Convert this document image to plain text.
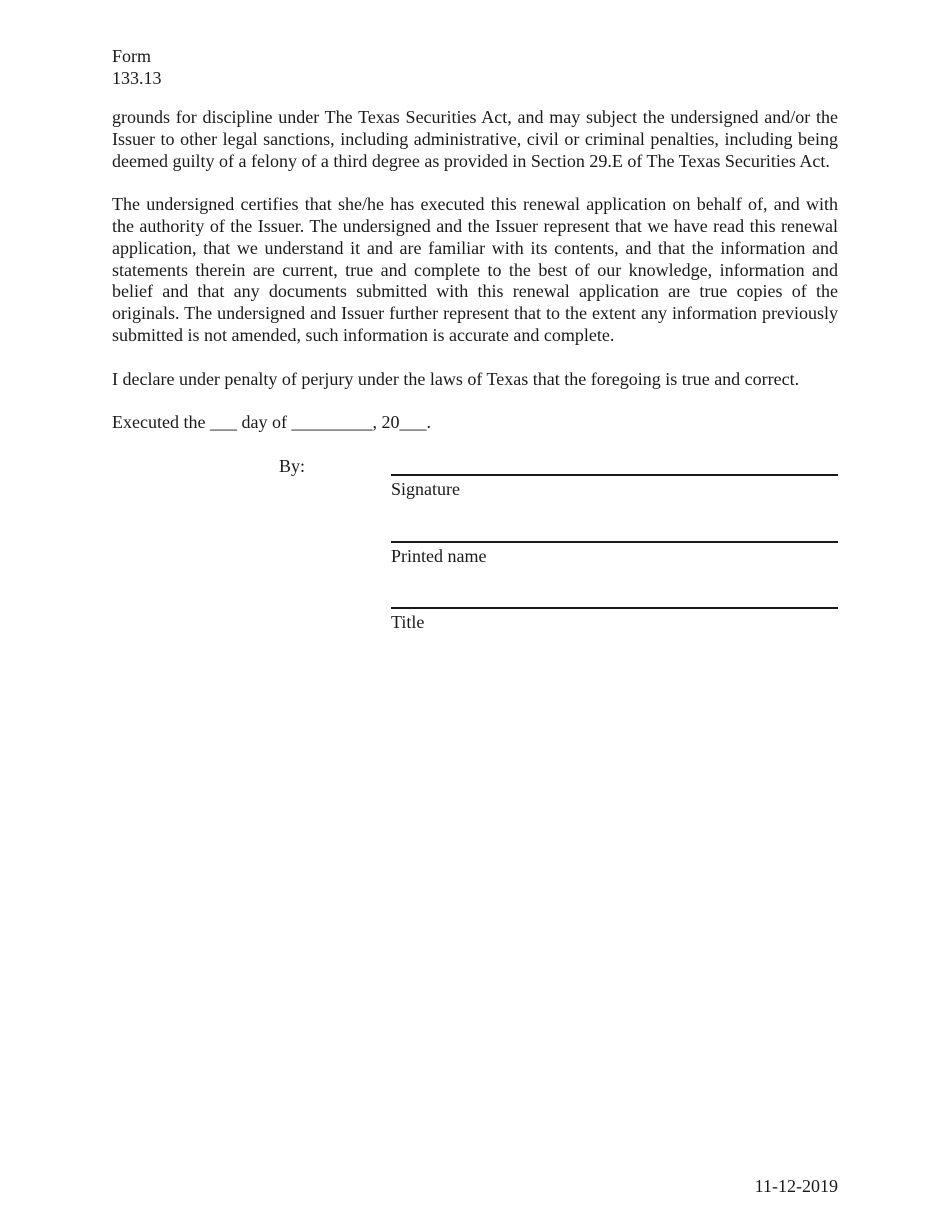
Form
133.13

grounds for discipline under The Texas Securities Act, and may subject the undersigned and/or the Issuer to other legal sanctions, including administrative, civil or criminal penalties, including being deemed guilty of a felony of a third degree as provided in Section 29.E of The Texas Securities Act.

The undersigned certifies that she/he has executed this renewal application on behalf of, and with the authority of the Issuer. The undersigned and the Issuer represent that we have read this renewal application, that we understand it and are familiar with its contents, and that the information and statements therein are current, true and complete to the best of our knowledge, information and belief and that any documents submitted with this renewal application are true copies of the originals. The undersigned and Issuer further represent that to the extent any information previously submitted is not amended, such information is accurate and complete.

I declare under penalty of perjury under the laws of Texas that the foregoing is true and correct.

Executed the ___ day of _________, 20___.

By:
Signature
Printed name
Title
11-12-2019
